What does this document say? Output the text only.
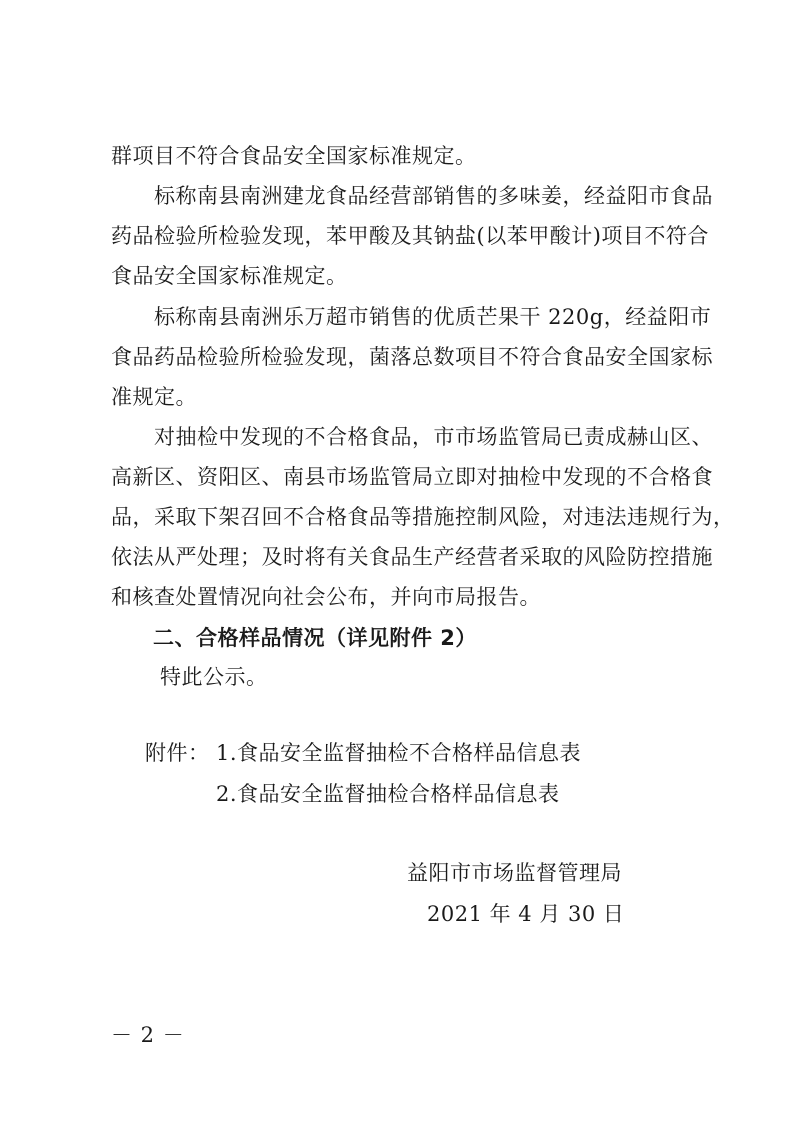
群项目不符合食品安全国家标准规定。
　　标称南县南洲建龙食品经营部销售的多味姜，经益阳市食品
药品检验所检验发现，苯甲酸及其钠盐(以苯甲酸计)项目不符合
食品安全国家标准规定。
　　标称南县南洲乐万超市销售的优质芒果干 220g，经益阳市
食品药品检验所检验发现，菌落总数项目不符合食品安全国家标
准规定。
　　对抽检中发现的不合格食品，市市场监管局已责成赫山区、
高新区、资阳区、南县市场监管局立即对抽检中发现的不合格食
品，采取下架召回不合格食品等措施控制风险，对违法违规行为，
依法从严处理；及时将有关食品生产经营者采取的风险防控措施
和核查处置情况向社会公布，并向市局报告。
二、合格样品情况（详见附件 2）
特此公示。
附件： 1.食品安全监督抽检不合格样品信息表
2.食品安全监督抽检合格样品信息表
益阳市市场监督管理局
2021 年 4 月 30 日
－ 2 －
